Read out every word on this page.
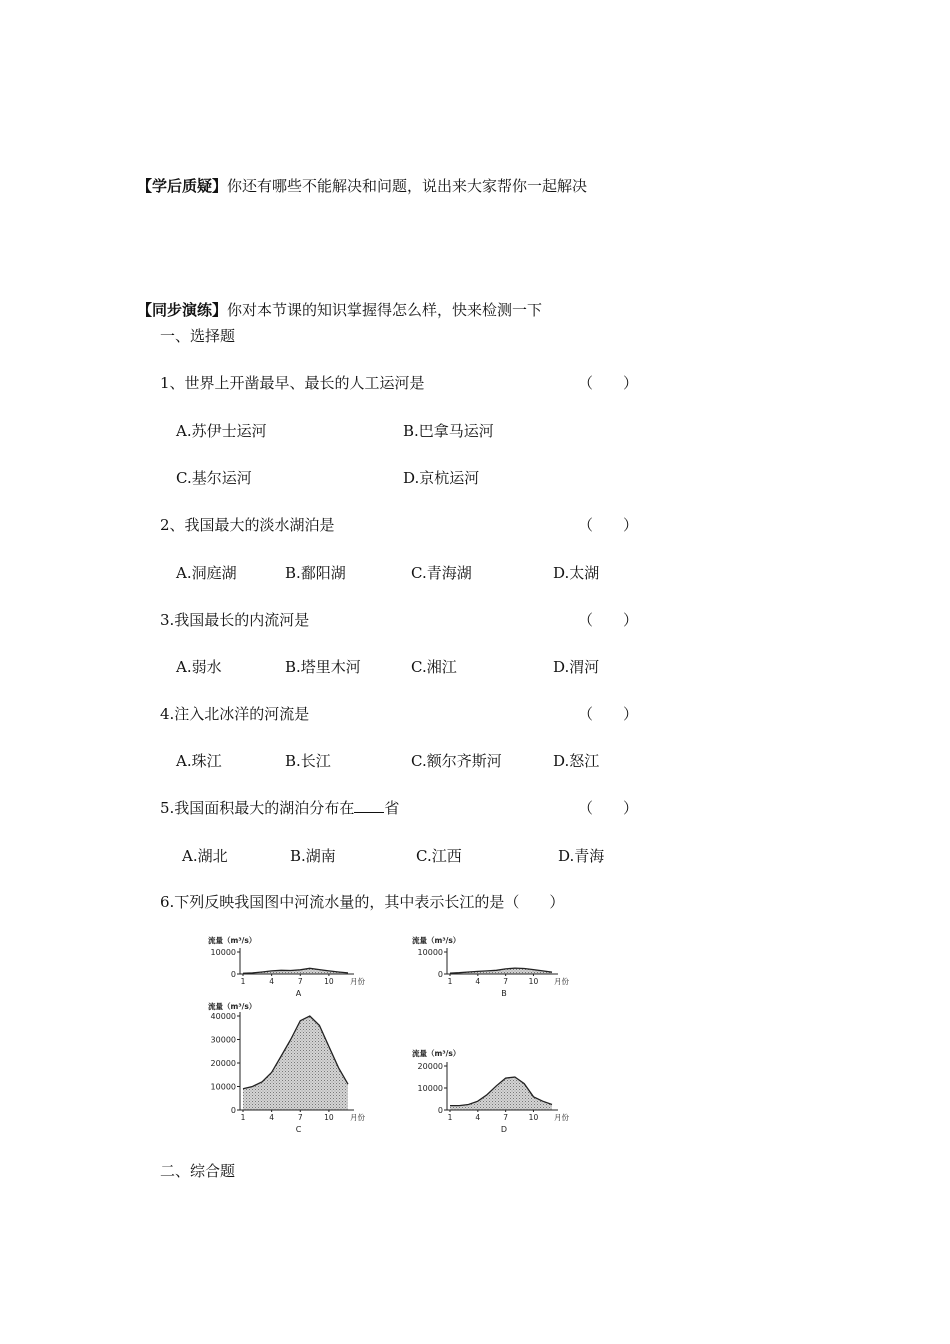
【学后质疑】你还有哪些不能解决和问题，说出来大家帮你一起解决
【同步演练】你对本节课的知识掌握得怎么样，快来检测一下
一、选择题
1、世界上开凿最早、最长的人工运河是	（　　）
A.苏伊士运河	B.巴拿马运河
C.基尔运河	D.京杭运河
2、我国最大的淡水湖泊是	（　　）
A.洞庭湖	B.鄱阳湖	C.青海湖	D.太湖
3.我国最长的内流河是	（　　）
A.弱水	B.塔里木河	C.湘江	D.渭河
4.注入北冰洋的河流是	（　　）
A.珠江	B.长江	C.额尔齐斯河	D.怒江
5.我国面积最大的湖泊分布在 省	（　　）
A.湖北	B.湖南	C.江西	D.青海
6.下列反映我国图中河流水量的，其中表示长江的是（　　）
0
10000
1	4	7	10 月份
流量（m³/s）
A
0
10000
1	4	7	10 月份
流量（m³/s）
B
0
10000
20000
30000
40000
1	4	7	10 月份
流量（m³/s）
C
0
10000
20000
1	4	7	10 月份
流量（m³/s）
D
二、综合题
